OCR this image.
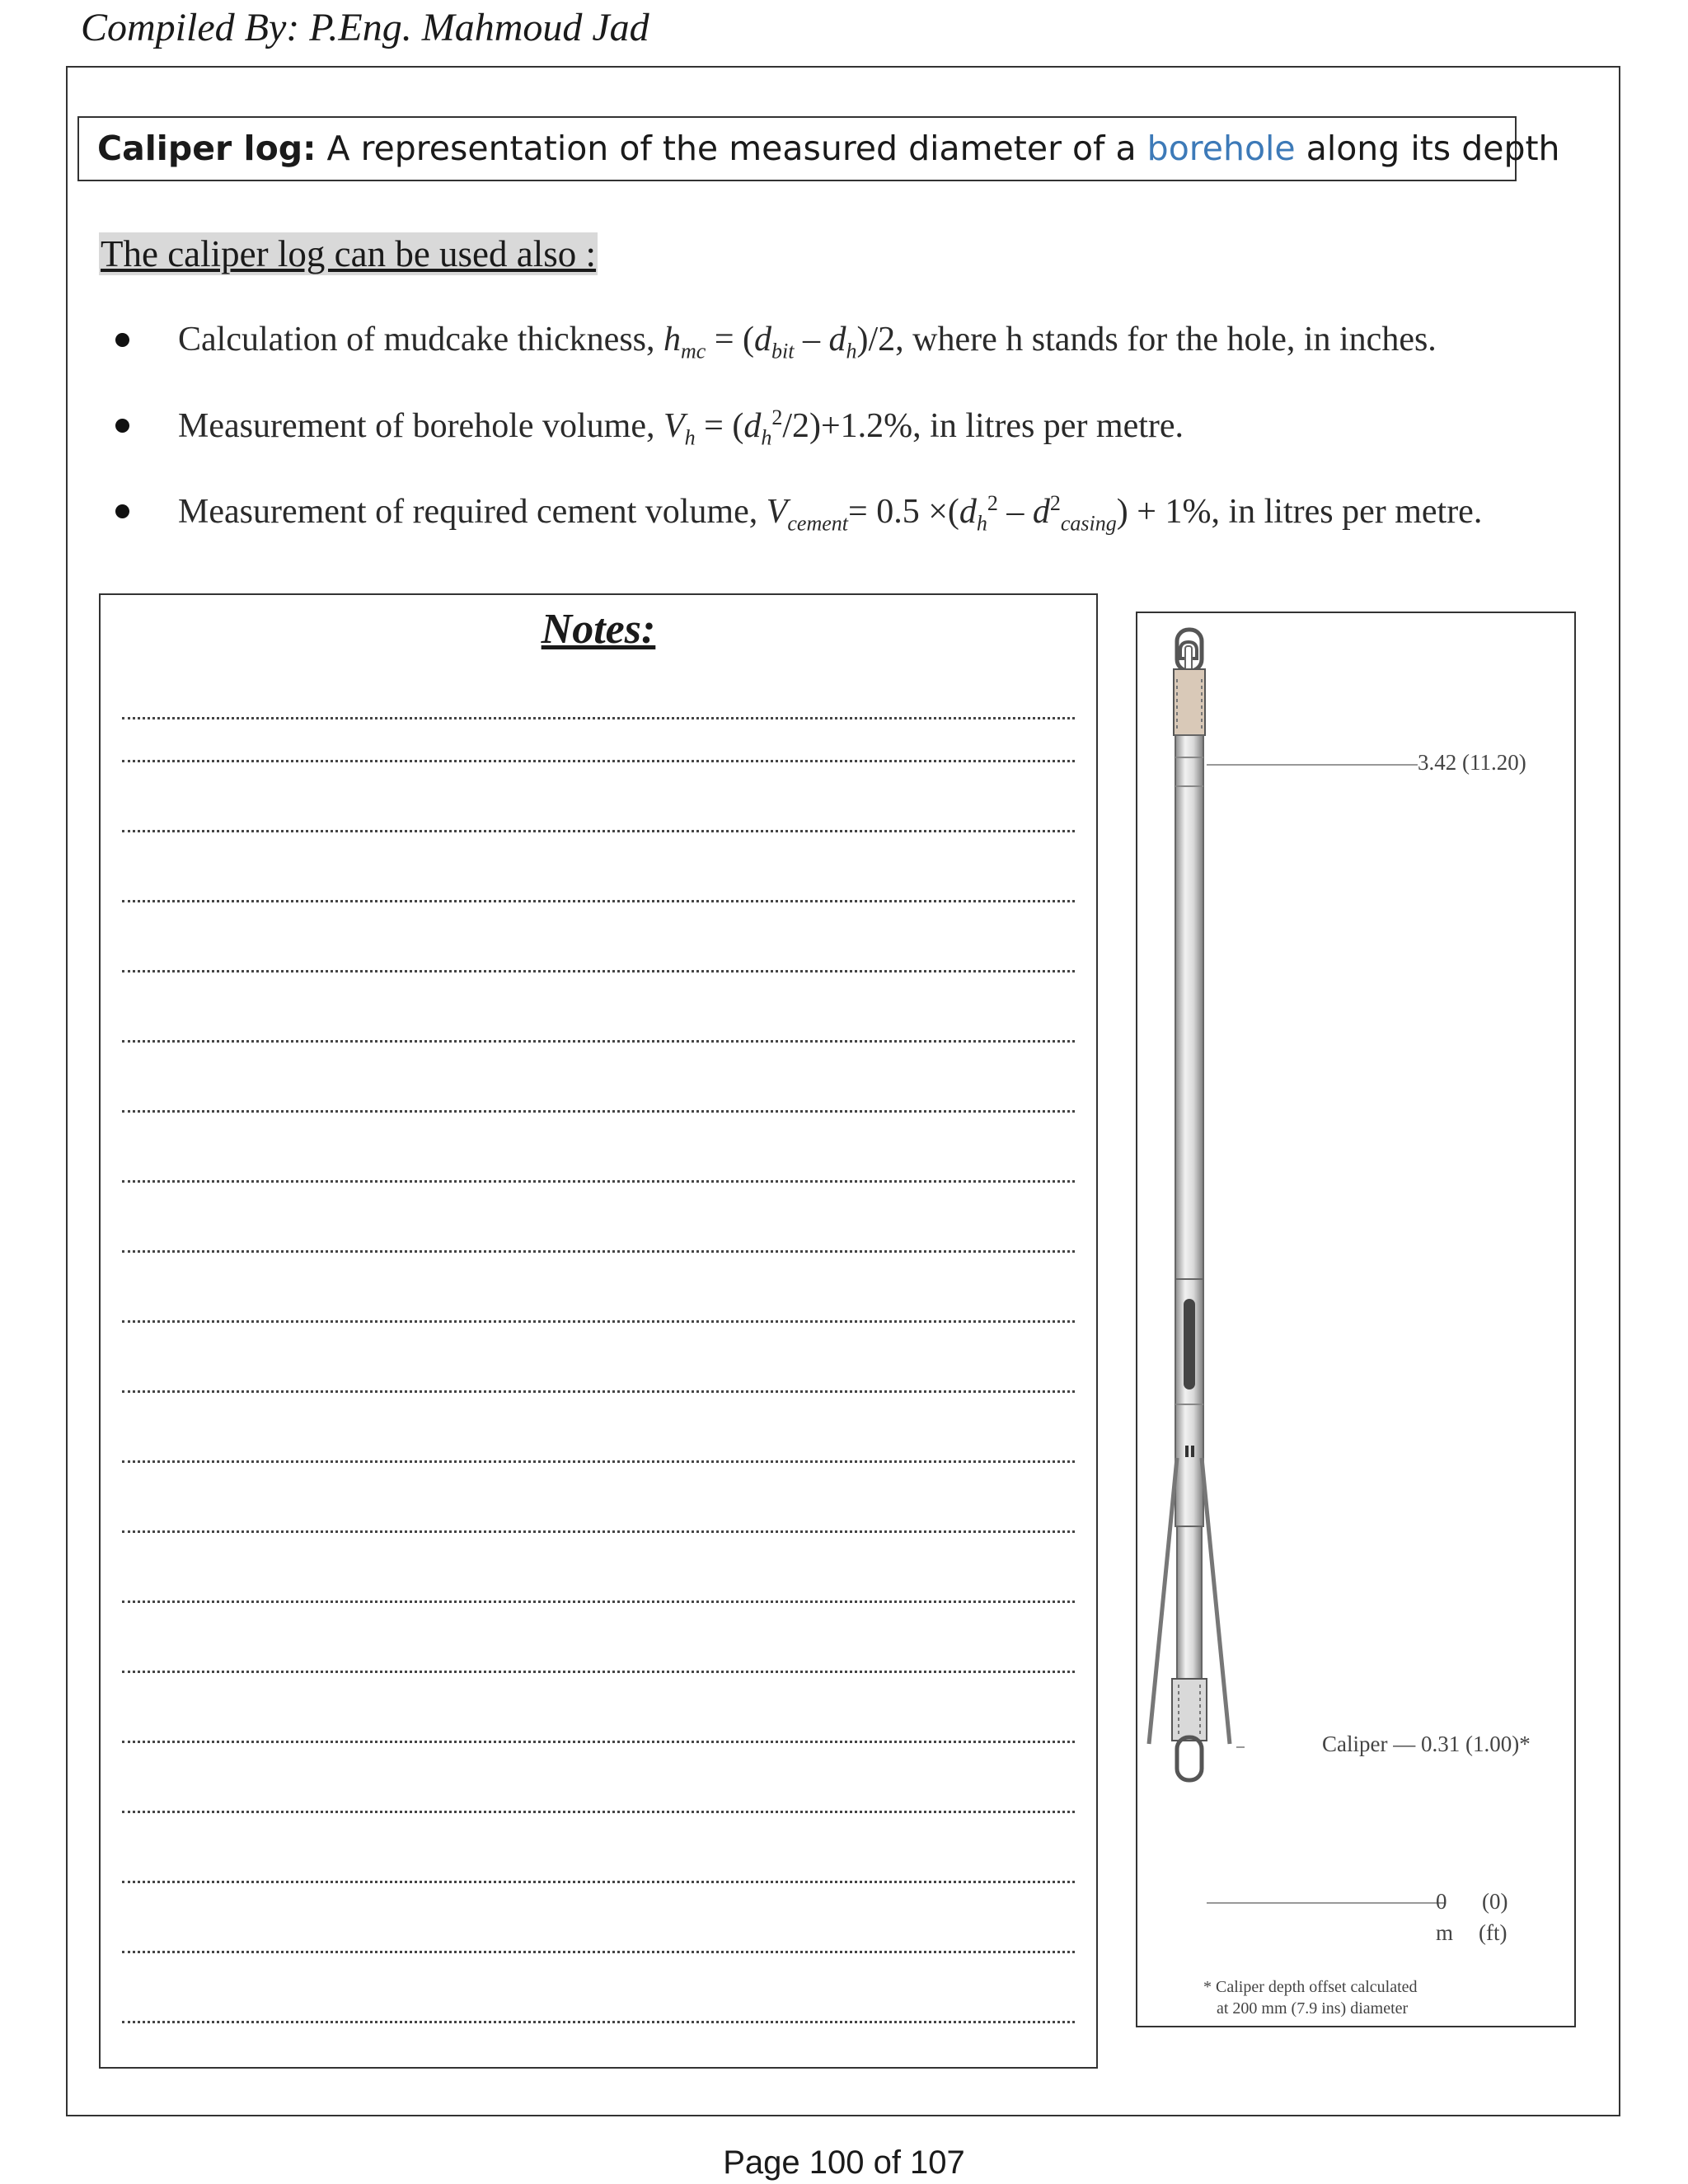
Compiled By: P.Eng. Mahmoud Jad
Caliper log: A representation of the measured diameter of a borehole along its depth
The caliper log can be used also :
Calculation of mudcake thickness, $h_{mc} = (d_{bit} - d_h)/2$, where h stands for the hole, in inches.
Measurement of borehole volume, $V_h = (d_h^2/2)+1.2\%$, in litres per metre.
Measurement of required cement volume, $V_{cement}= 0.5 \times(d_h^2 - d^2_{casing}) + 1\%$, in litres per metre.
Notes:
3.42 (11.20)
Caliper — 0.31 (1.00)*
0 (0)
m (ft)
* Caliper depth offset calculated
at 200 mm (7.9 ins) diameter
Page 100 of 107
